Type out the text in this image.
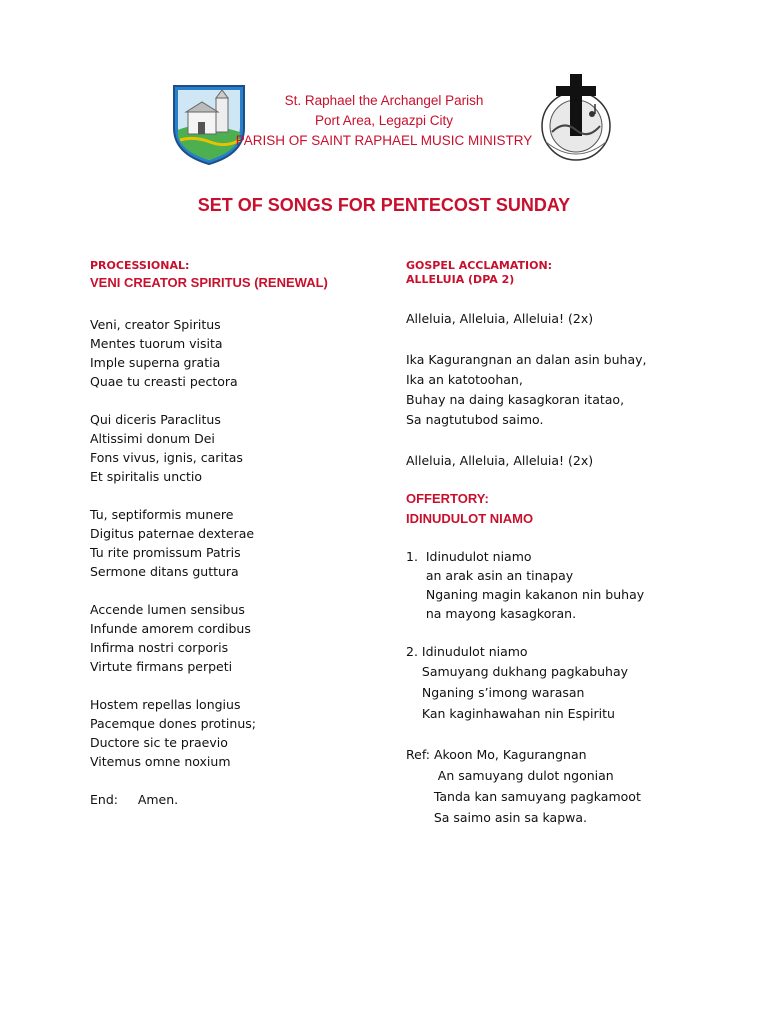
St. Raphael the Archangel Parish
Port Area, Legazpi City
PARISH OF SAINT RAPHAEL MUSIC MINISTRY
SET OF SONGS FOR PENTECOST SUNDAY
PROCESSIONAL:
VENI CREATOR SPIRITUS (RENEWAL)
Veni, creator Spiritus
Mentes tuorum visita
Imple superna gratia
Quae tu creasti pectora
Qui diceris Paraclitus
Altissimi donum Dei
Fons vivus, ignis, caritas
Et spiritalis unctio
Tu, septiformis munere
Digitus paternae dexterae
Tu rite promissum Patris
Sermone ditans guttura
Accende lumen sensibus
Infunde amorem cordibus
Infirma nostri corporis
Virtute firmans perpeti
Hostem repellas longius
Pacemque dones protinus;
Ductore sic te praevio
Vitemus omne noxium
End:     Amen.
GOSPEL ACCLAMATION:
ALLELUIA (DPA 2)
Alleluia, Alleluia, Alleluia! (2x)
Ika Kagurangnan an dalan asin buhay,
Ika an katotoohan,
Buhay na daing kasagkoran itatao,
Sa nagtutubod saimo.
Alleluia, Alleluia, Alleluia! (2x)
OFFERTORY:
IDINUDULOT NIAMO
1.  Idinudulot niamo
an arak asin an tinapay
Nganing magin kakanon nin buhay
na mayong kasagkoran.
2. Idinudulot niamo
Samuyang dukhang pagkabuhay
Nganing s’imong warasan
Kan kaginhawahan nin Espiritu
Ref: Akoon Mo, Kagurangnan
An samuyang dulot ngonian
Tanda kan samuyang pagkamoot
Sa saimo asin sa kapwa.
